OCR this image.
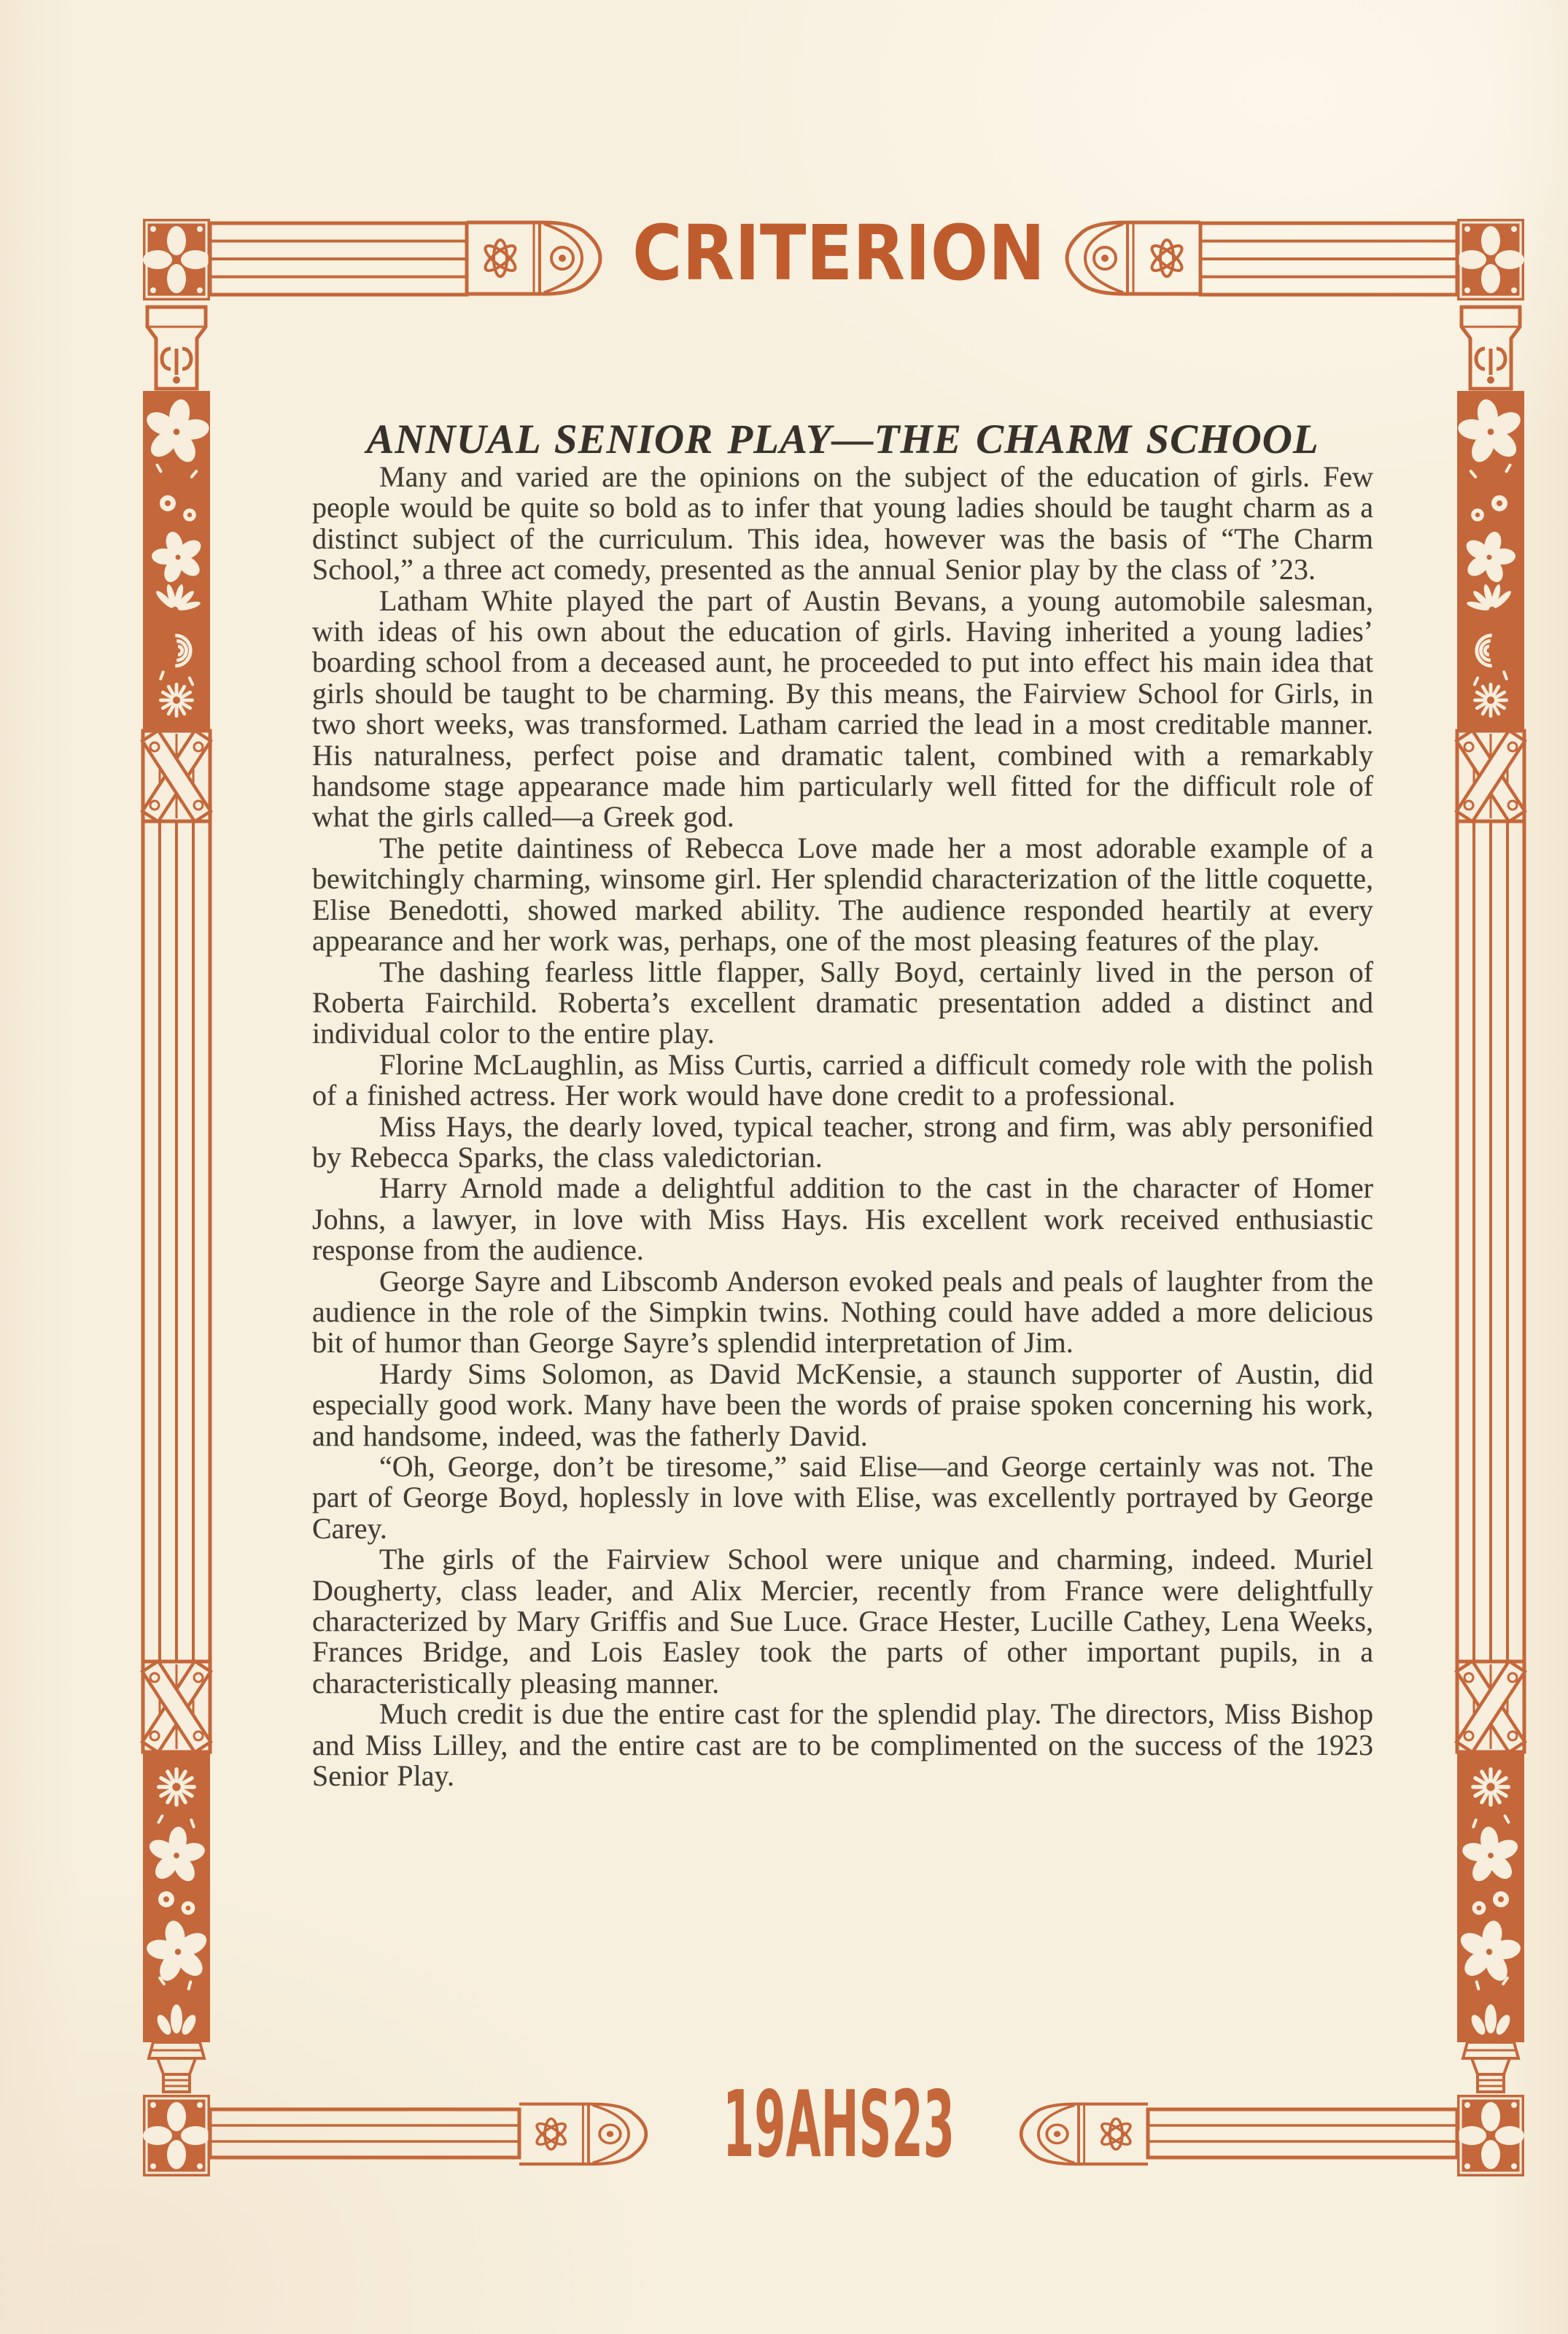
CRITERION
19AHS23
ANNUAL SENIOR PLAY—THE CHARM SCHOOL

Many and varied are the opinions on the subject of the education of girls. Few people would be quite so bold as to infer that young ladies should be taught charm as a distinct subject of the curriculum. This idea, however was the basis of “The Charm School,” a three act comedy, presented as the annual Senior play by the class of ’23.

Latham White played the part of Austin Bevans, a young automobile salesman, with ideas of his own about the education of girls. Having inherited a young ladies’ boarding school from a deceased aunt, he proceeded to put into effect his main idea that girls should be taught to be charming. By this means, the Fairview School for Girls, in two short weeks, was transformed. Latham carried the lead in a most creditable manner. His naturalness, perfect poise and dramatic talent, combined with a remarkably handsome stage appearance made him particularly well fitted for the difficult role of what the girls called—a Greek god.

The petite daintiness of Rebecca Love made her a most adorable example of a bewitchingly charming, winsome girl. Her splendid characterization of the little coquette, Elise Benedotti, showed marked ability. The audience responded heartily at every appearance and her work was, perhaps, one of the most pleasing features of the play.

The dashing fearless little flapper, Sally Boyd, certainly lived in the person of Roberta Fairchild. Roberta’s excellent dramatic presentation added a distinct and individual color to the entire play.

Florine McLaughlin, as Miss Curtis, carried a difficult comedy role with the polish of a finished actress. Her work would have done credit to a professional.

Miss Hays, the dearly loved, typical teacher, strong and firm, was ably personified by Rebecca Sparks, the class valedictorian.

Harry Arnold made a delightful addition to the cast in the character of Homer Johns, a lawyer, in love with Miss Hays. His excellent work received enthusiastic response from the audience.

George Sayre and Libscomb Anderson evoked peals and peals of laughter from the audience in the role of the Simpkin twins. Nothing could have added a more delicious bit of humor than George Sayre’s splendid interpretation of Jim.

Hardy Sims Solomon, as David McKensie, a staunch supporter of Austin, did especially good work. Many have been the words of praise spoken concerning his work, and handsome, indeed, was the fatherly David.

“Oh, George, don’t be tiresome,” said Elise—and George certainly was not. The part of George Boyd, hoplessly in love with Elise, was excellently portrayed by George Carey.

The girls of the Fairview School were unique and charming, indeed. Muriel Dougherty, class leader, and Alix Mercier, recently from France were delightfully characterized by Mary Griffis and Sue Luce. Grace Hester, Lucille Cathey, Lena Weeks, Frances Bridge, and Lois Easley took the parts of other important pupils, in a characteristically pleasing manner.

Much credit is due the entire cast for the splendid play. The directors, Miss Bishop and Miss Lilley, and the entire cast are to be complimented on the success of the 1923 Senior Play.
